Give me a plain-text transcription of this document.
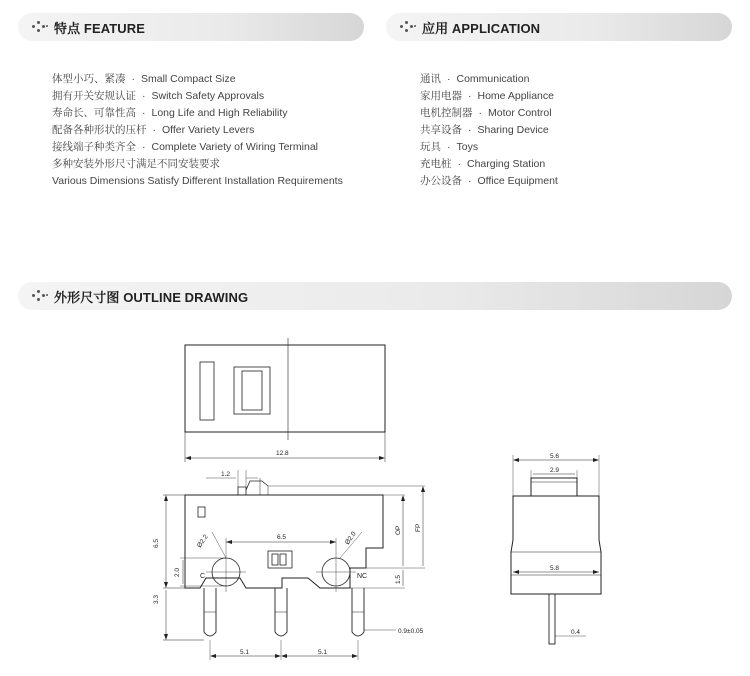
特点 FEATURE	应用 APPLICATION
外形尺寸图 OUTLINE DRAWING
体型小巧、紧凑 · Small Compact Size
拥有开关安规认证 · Switch Safety Approvals
寿命长、可靠性高 · Long Life and High Reliability
配备各种形状的压杆 · Offer Variety Levers
接线端子种类齐全 · Complete Variety of Wiring Terminal
多种安装外形尺寸满足不同安装要求
Various Dimensions Satisfy Different Installation Requirements
通讯 · Communication
家用电器 · Home Appliance
电机控制器 · Motor Control
共享设备 · Sharing Device
玩具 · Toys
充电桩 · Charging Station
办公设备 · Office Equipment
12.8
1.2
6.5
6.5
Ø2.2	Ø2.0
2.0
3.3
5.1	5.1
0.9±0.05
OP FP
1.5
5.6
2.9
5.8
0.4
C	NC
